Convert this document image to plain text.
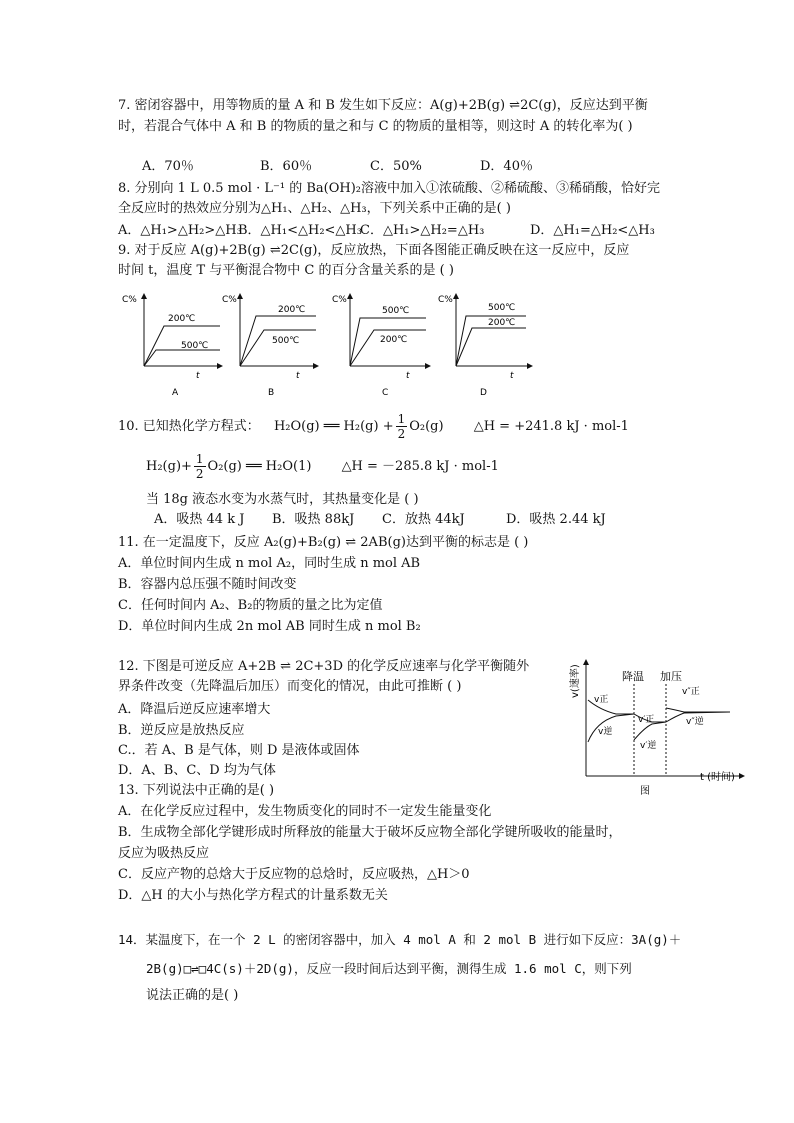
7. 密闭容器中，用等物质的量 A 和 B 发生如下反应：A(g)+2B(g) ⇌2C(g)，反应达到平衡
时，若混合气体中 A 和 B 的物质的量之和与 C 的物质的量相等，则这时 A 的转化率为( )
A．70％	B．60％	C．50%	D．40％
8. 分别向 1 L 0.5 mol · L⁻¹ 的 Ba(OH)₂溶液中加入①浓硫酸、②稀硫酸、③稀硝酸，恰好完
全反应时的热效应分别为△H₁、△H₂、△H₃，下列关系中正确的是( )
A．△H₁>△H₂>△H₃B．△H₁<△H₂<△H₃C．△H₁>△H₂=△H₃	D．△H₁=△H₂<△H₃
9. 对于反应 A(g)+2B(g) ⇌2C(g)，反应放热，下面各图能正确反映在这一反应中，反应
时间 t，温度 T 与平衡混合物中 C 的百分含量关系的是 ( )
C%
t
200℃
500℃
A
C%
t
200℃
500℃
B
C%
t
500℃
200℃
C
C%
t
500℃
200℃
D
10. 已知热化学方程式： H₂O(g) ══ $H_2(g) + \frac{1}{2} O_2(g)$ △H = +241.8 kJ · mol-1
$H_2(g)+ \frac{1}{2} O_2(g)$ ══ H₂O(1) △H = －285.8 kJ · mol-1
当 18g 液态水变为水蒸气时，其热量变化是 ( )
A．吸热 44 k J B．吸热 88kJ C．放热 44kJ	D．吸热 2.44 kJ
11. 在一定温度下，反应 A₂(g)+B₂(g) ⇌ 2AB(g)达到平衡的标志是 ( )
A．单位时间内生成 n mol A₂，同时生成 n mol AB
B．容器内总压强不随时间改变
C．任何时间内 A₂、B₂的物质的量之比为定值
D．单位时间内生成 2n mol AB 同时生成 n mol B₂
12. 下图是可逆反应 A+2B ⇌ 2C+3D 的化学反应速率与化学平衡随外
界条件改变（先降温后加压）而变化的情况，由此可推断 ( )
A．降温后逆反应速率增大
B．逆反应是放热反应
C.．若 A、B 是气体，则 D 是液体或固体
D．A、B、C、D 均为气体
v(速率)
t (时间)
降温 加压
v正
v逆
v′正
v′逆
v″正
v″逆
图
13. 下列说法中正确的是( )
A．在化学反应过程中，发生物质变化的同时不一定发生能量变化
B．生成物全部化学键形成时所释放的能量大于破坏反应物全部化学键所吸收的能量时，
反应为吸热反应
C．反应产物的总焓大于反应物的总焓时，反应吸热，△H＞0
D．△H 的大小与热化学方程式的计量系数无关
14．某温度下，在一个 2 L 的密闭容器中，加入 4 mol A 和 2 mol B 进行如下反应：3A(g)＋
2B(g)□⇌□4C(s)＋2D(g)，反应一段时间后达到平衡，测得生成 1.6 mol C，则下列
说法正确的是( )
